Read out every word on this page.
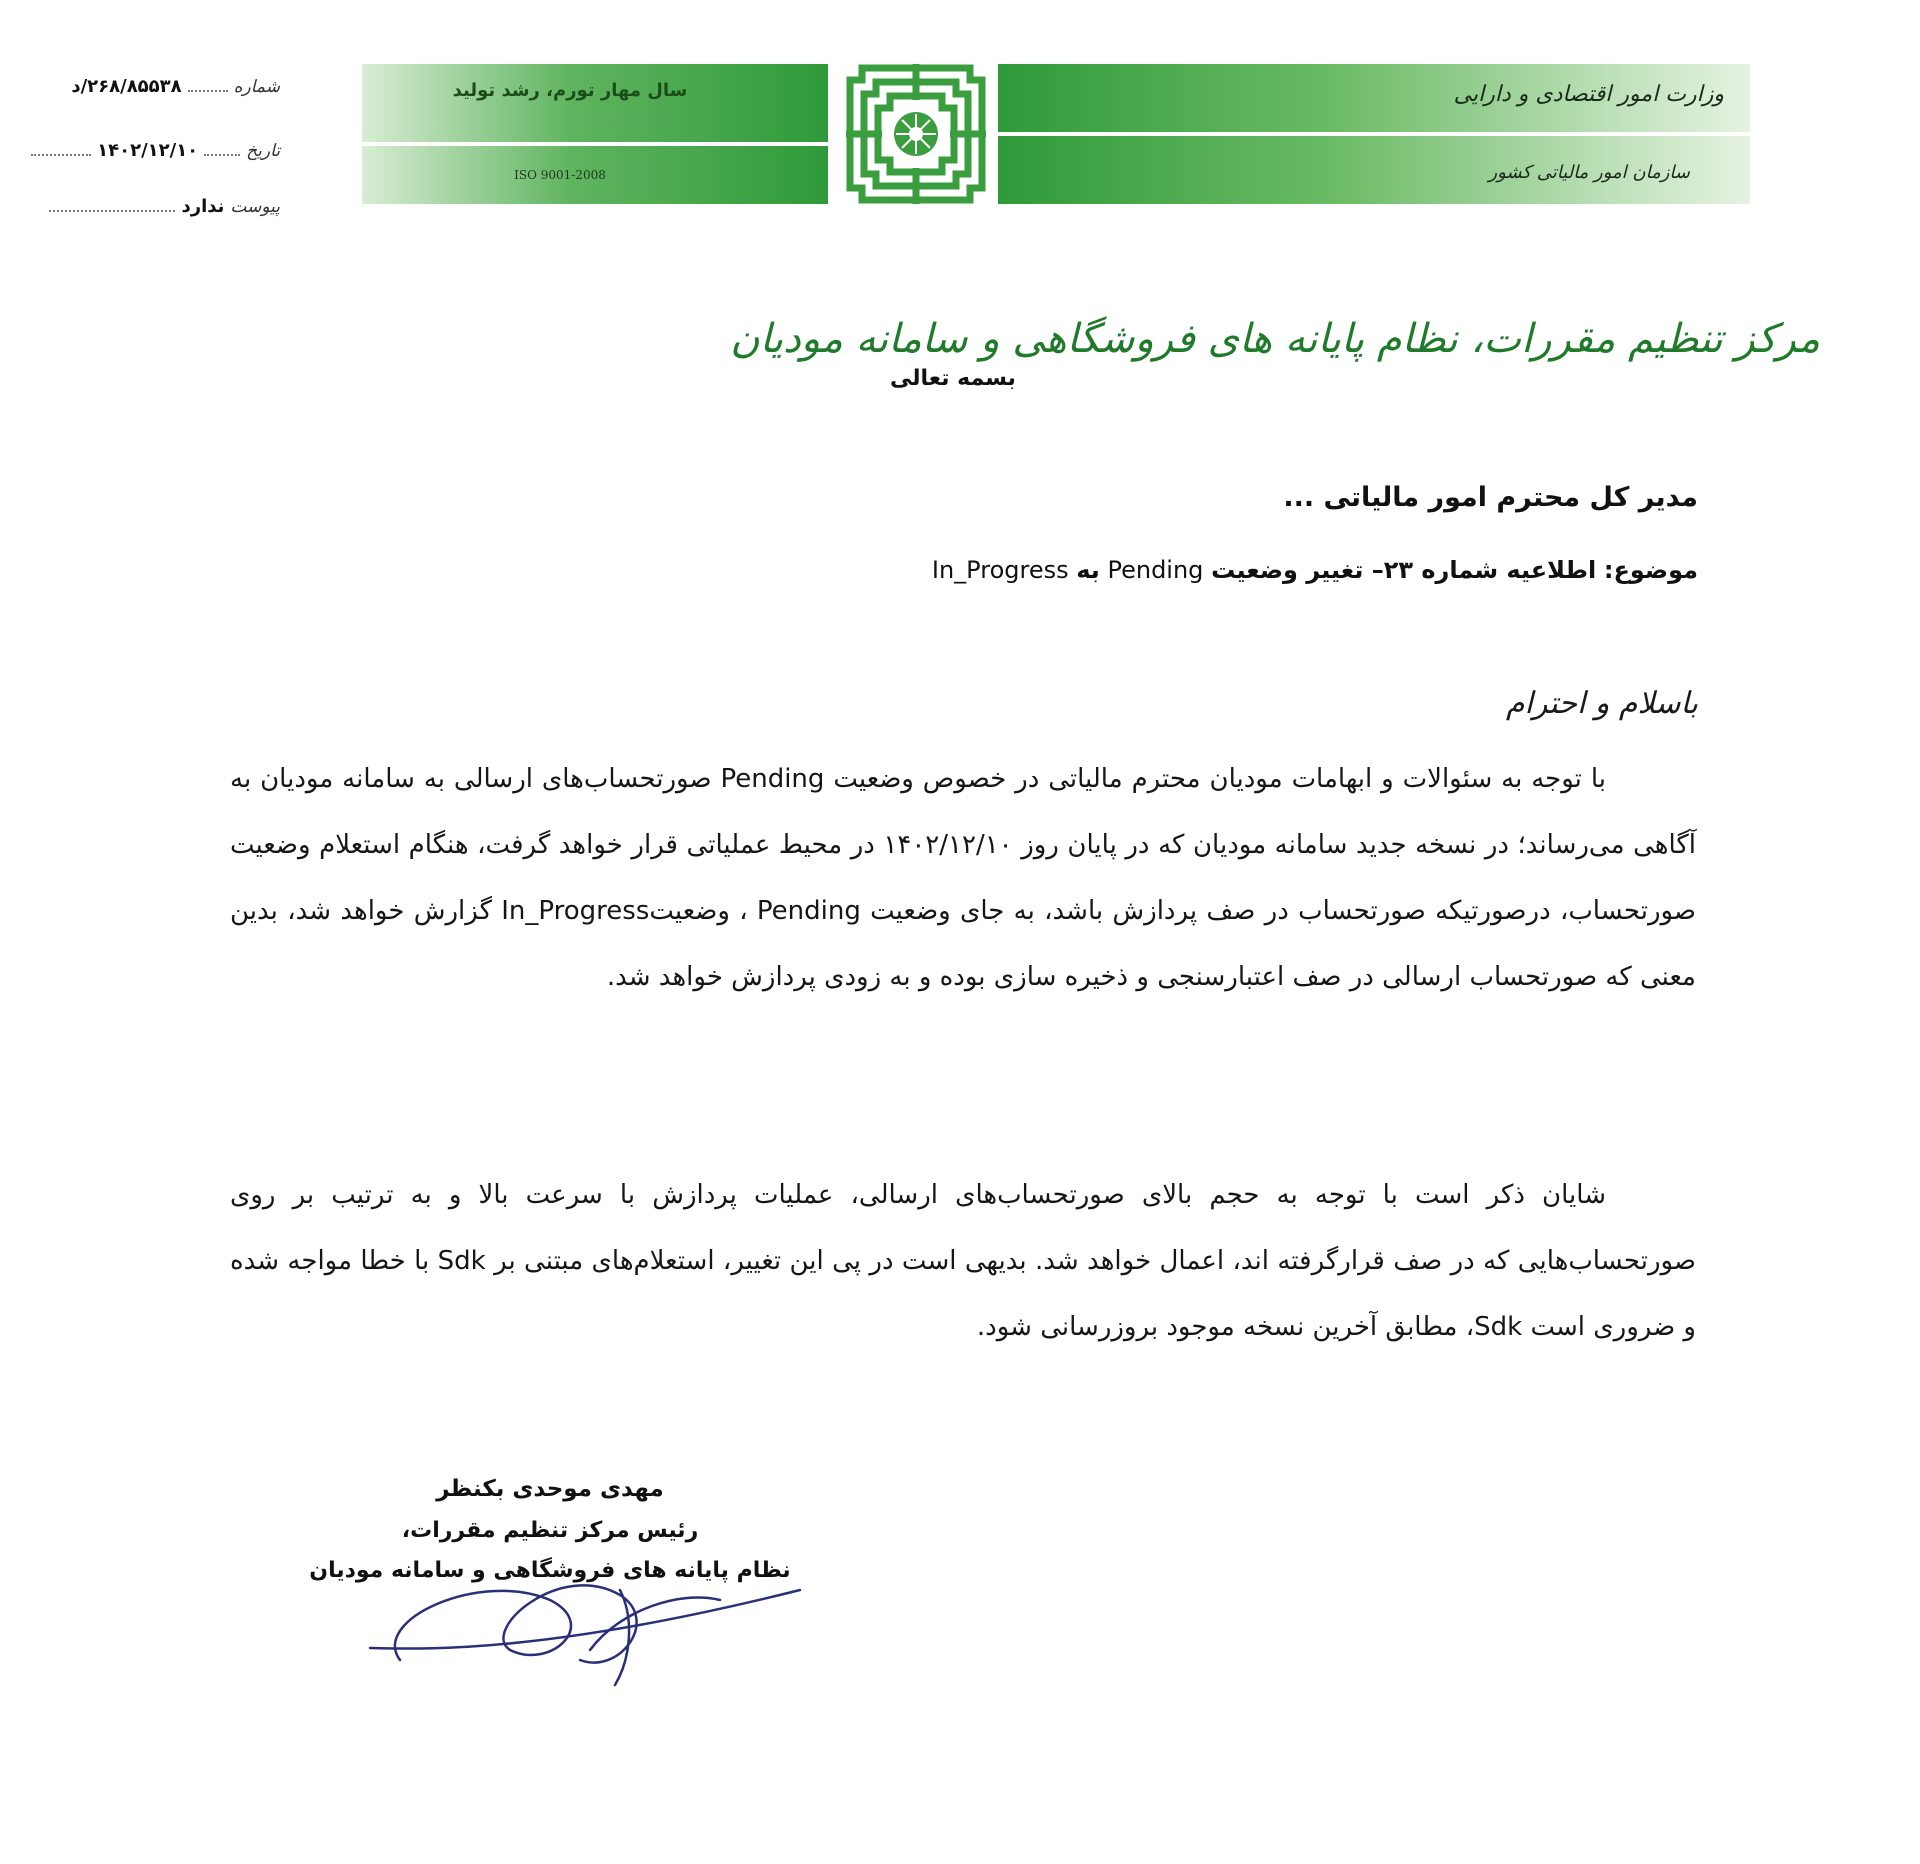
سال مهار تورم، رشد تولید
ISO 9001-2008
وزارت امور اقتصادی و دارایی
سازمان امور مالیاتی کشور
شماره
۲۶۸/۸۵۵۳۸/د
تاریخ
۱۴۰۲/۱۲/۱۰
پیوست
ندارد
مرکز تنظیم مقررات، نظام پایانه های فروشگاهی و سامانه مودیان
بسمه تعالی
مدیر کل محترم امور مالیاتی ...
موضوع: اطلاعیه شماره ۲۳– تغییر وضعیت Pending به In_Progress
باسلام و احترام
با توجه به سئوالات و ابهامات مودیان محترم مالیاتی در خصوص وضعیت Pending صورتحساب‌های ارسالی به سامانه مودیان به آگاهی می‌رساند؛ در نسخه جدید سامانه مودیان که در پایان روز ۱۴۰۲/۱۲/۱۰ در محیط عملیاتی قرار خواهد گرفت، هنگام استعلام وضعیت صورتحساب، درصورتیکه صورتحساب در صف پردازش باشد، به جای وضعیت Pending ، وضعیتIn_Progress گزارش خواهد شد، بدین معنی که صورتحساب ارسالی در صف اعتبارسنجی و ذخیره سازی بوده و به زودی پردازش خواهد شد.
شایان ذکر است با توجه به حجم بالای صورتحساب‌های ارسالی، عملیات پردازش با سرعت بالا و به ترتیب بر روی صورتحساب‌هایی که در صف قرارگرفته اند، اعمال خواهد شد. بدیهی است در پی این تغییر، استعلام‌های مبتنی بر Sdk با خطا مواجه شده و ضروری است Sdk، مطابق آخرین نسخه موجود بروزرسانی شود.
مهدی موحدی بکنظر
رئیس مرکز تنظیم مقررات،
نظام پایانه های فروشگاهی و سامانه مودیان
